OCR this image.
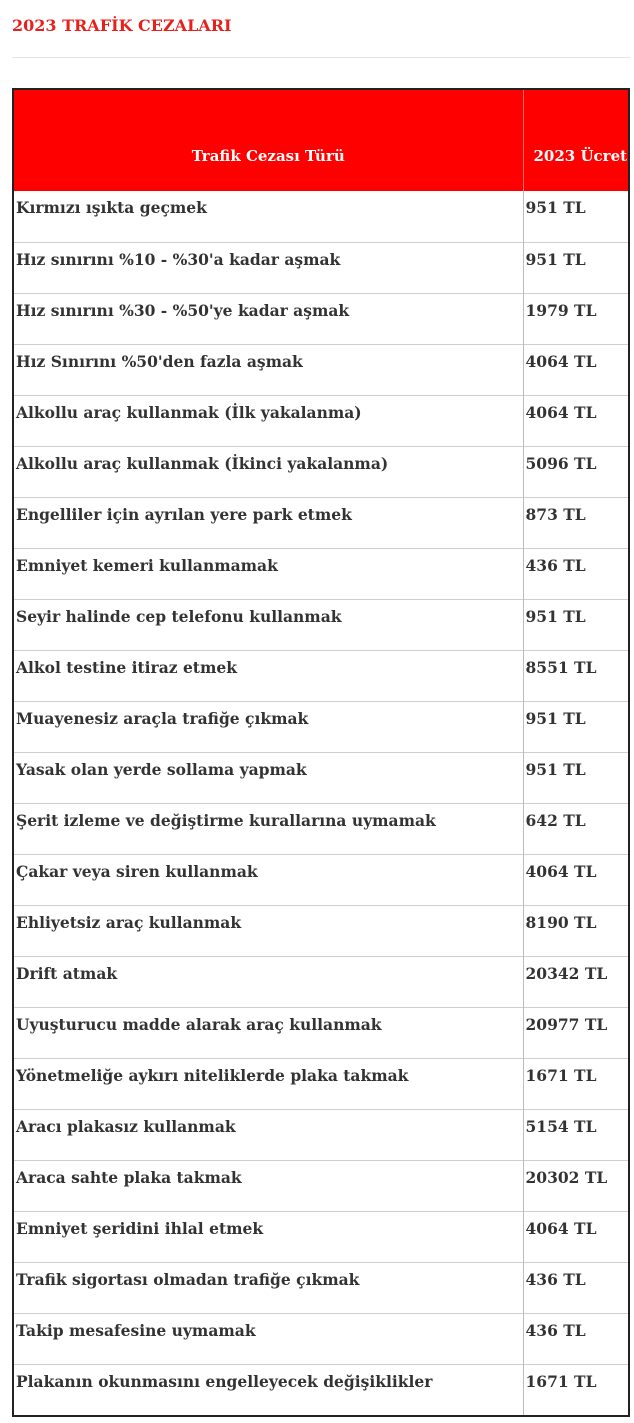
2023 TRAFİK CEZALARI
Trafik Cezası Türü	2023 Ücret
Kırmızı ışıkta geçmek	951 TL
Hız sınırını %10 - %30'a kadar aşmak	951 TL
Hız sınırını %30 - %50'ye kadar aşmak	1979 TL
Hız Sınırını %50'den fazla aşmak	4064 TL
Alkollu araç kullanmak (İlk yakalanma)	4064 TL
Alkollu araç kullanmak (İkinci yakalanma)	5096 TL
Engelliler için ayrılan yere park etmek	873 TL
Emniyet kemeri kullanmamak	436 TL
Seyir halinde cep telefonu kullanmak	951 TL
Alkol testine itiraz etmek	8551 TL
Muayenesiz araçla trafiğe çıkmak	951 TL
Yasak olan yerde sollama yapmak	951 TL
Şerit izleme ve değiştirme kurallarına uymamak	642 TL
Çakar veya siren kullanmak	4064 TL
Ehliyetsiz araç kullanmak	8190 TL
Drift atmak	20342 TL
Uyuşturucu madde alarak araç kullanmak	20977 TL
Yönetmeliğe aykırı niteliklerde plaka takmak	1671 TL
Aracı plakasız kullanmak	5154 TL
Araca sahte plaka takmak	20302 TL
Emniyet şeridini ihlal etmek	4064 TL
Trafik sigortası olmadan trafiğe çıkmak	436 TL
Takip mesafesine uymamak	436 TL
Plakanın okunmasını engelleyecek değişiklikler	1671 TL
